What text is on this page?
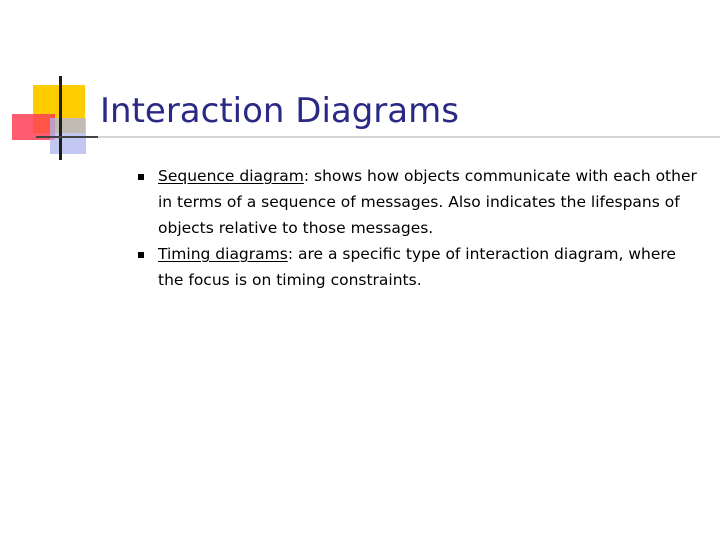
Interaction Diagrams
Sequence diagram: shows how objects communicate with each other in terms of a sequence of messages. Also indicates the lifespans of objects relative to those messages.
Timing diagrams: are a specific type of interaction diagram, where the focus is on timing constraints.
